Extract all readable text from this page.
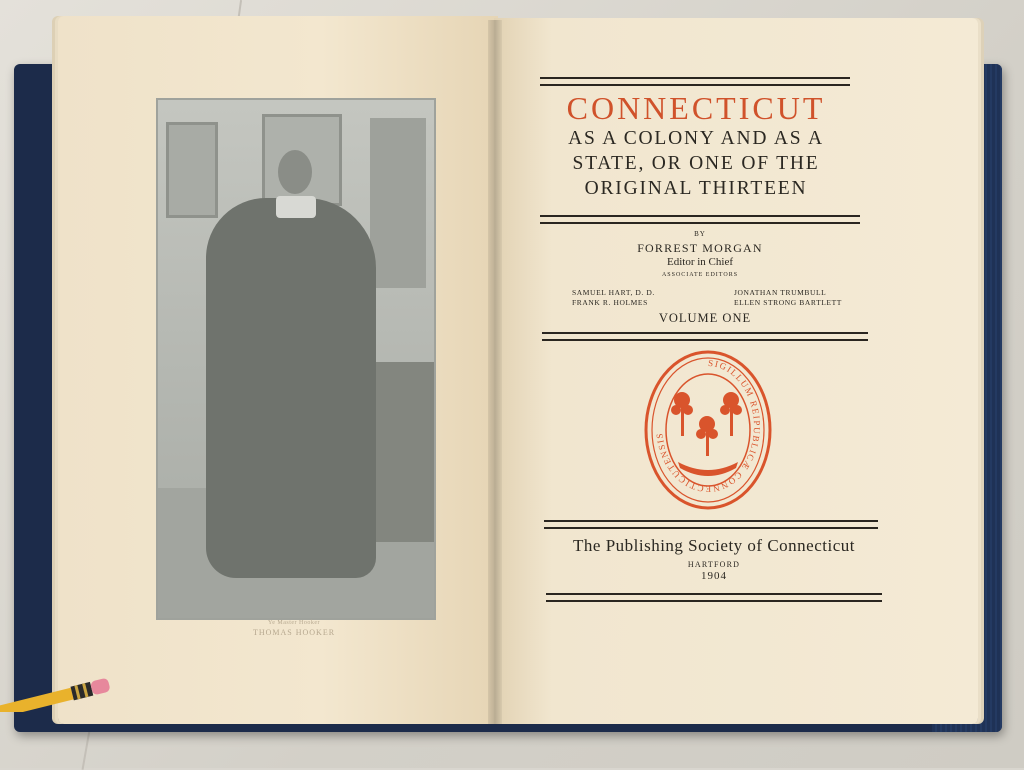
Ye Master Hooker
THOMAS HOOKER
CONNECTICUT
AS A COLONY AND AS A
STATE, OR ONE OF THE
ORIGINAL THIRTEEN
BY
FORREST MORGAN
Editor in Chief
ASSOCIATE EDITORS
SAMUEL HART, D. D.
FRANK R. HOLMES
JONATHAN TRUMBULL
ELLEN STRONG BARTLETT
VOLUME ONE
SIGILLUM REIPUBLICÆ CONNECTICUTENSIS
The Publishing Society of Connecticut
HARTFORD
1904
